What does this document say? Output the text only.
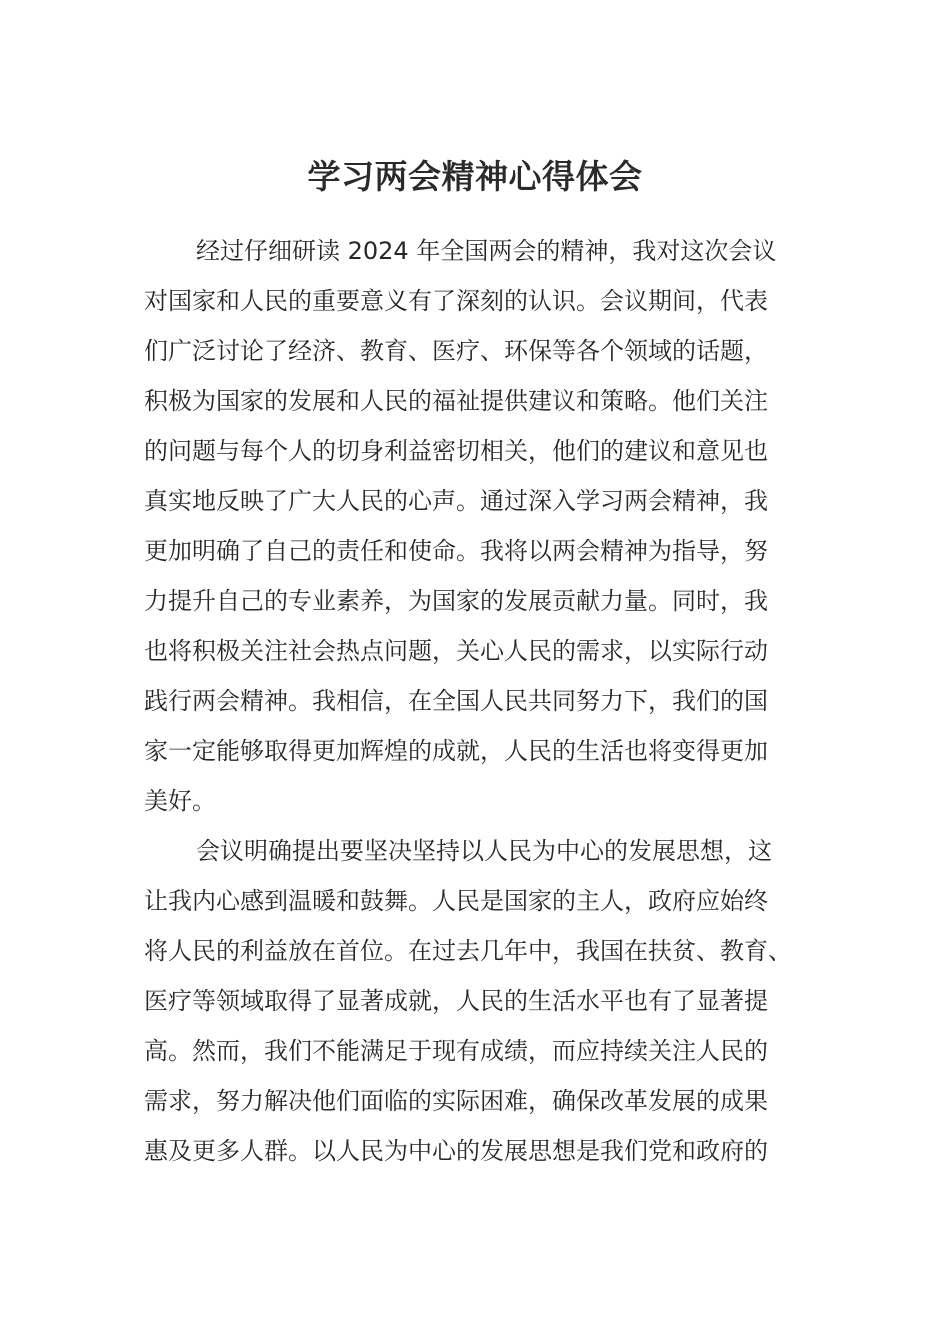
学习两会精神心得体会
经过仔细研读 2024 年全国两会的精神，我对这次会议
对国家和人民的重要意义有了深刻的认识。会议期间，代表
们广泛讨论了经济、教育、医疗、环保等各个领域的话题，
积极为国家的发展和人民的福祉提供建议和策略。他们关注
的问题与每个人的切身利益密切相关，他们的建议和意见也
真实地反映了广大人民的心声。通过深入学习两会精神，我
更加明确了自己的责任和使命。我将以两会精神为指导，努
力提升自己的专业素养，为国家的发展贡献力量。同时，我
也将积极关注社会热点问题，关心人民的需求，以实际行动
践行两会精神。我相信，在全国人民共同努力下，我们的国
家一定能够取得更加辉煌的成就，人民的生活也将变得更加
美好。
会议明确提出要坚决坚持以人民为中心的发展思想，这
让我内心感到温暖和鼓舞。人民是国家的主人，政府应始终
将人民的利益放在首位。在过去几年中，我国在扶贫、教育、
医疗等领域取得了显著成就，人民的生活水平也有了显著提
高。然而，我们不能满足于现有成绩，而应持续关注人民的
需求，努力解决他们面临的实际困难，确保改革发展的成果
惠及更多人群。以人民为中心的发展思想是我们党和政府的
